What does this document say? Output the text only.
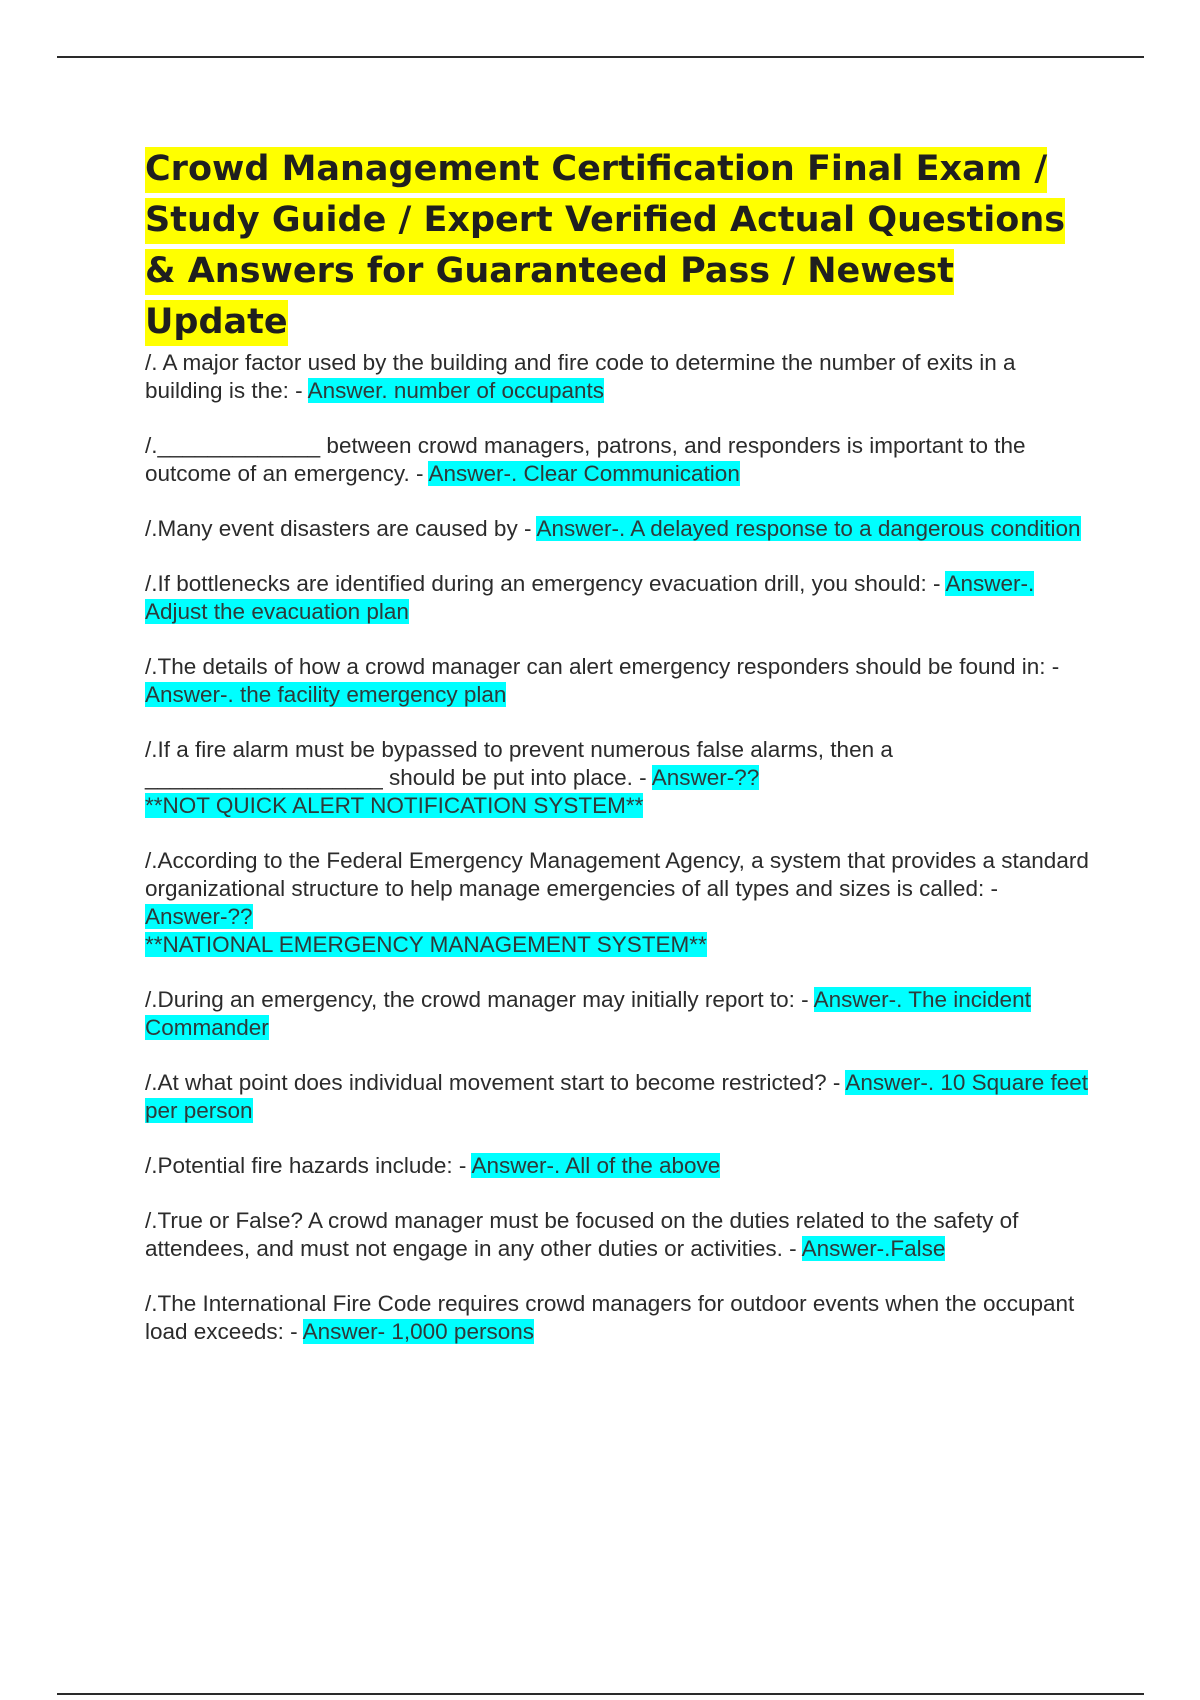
Crowd Management Certification Final Exam / Study Guide / Expert Verified Actual Questions & Answers for Guaranteed Pass / Newest Update
/. A major factor used by the building and fire code to determine the number of exits in a building is the: - Answer. number of occupants
/._____________ between crowd managers, patrons, and responders is important to the outcome of an emergency. - Answer-. Clear Communication
/.Many event disasters are caused by - Answer-. A delayed response to a dangerous condition
/.If bottlenecks are identified during an emergency evacuation drill, you should: - Answer-. Adjust the evacuation plan
/.The details of how a crowd manager can alert emergency responders should be found in: - Answer-. the facility emergency plan
/.If a fire alarm must be bypassed to prevent numerous false alarms, then a ___________________ should be put into place. - Answer-??
**NOT QUICK ALERT NOTIFICATION SYSTEM**
/.According to the Federal Emergency Management Agency, a system that provides a standard organizational structure to help manage emergencies of all types and sizes is called: - Answer-??
**NATIONAL EMERGENCY MANAGEMENT SYSTEM**
/.During an emergency, the crowd manager may initially report to: - Answer-. The incident Commander
/.At what point does individual movement start to become restricted? - Answer-. 10 Square feet per person
/.Potential fire hazards include: - Answer-. All of the above
/.True or False? A crowd manager must be focused on the duties related to the safety of attendees, and must not engage in any other duties or activities. - Answer-.False
/.The International Fire Code requires crowd managers for outdoor events when the occupant load exceeds: - Answer- 1,000 persons
